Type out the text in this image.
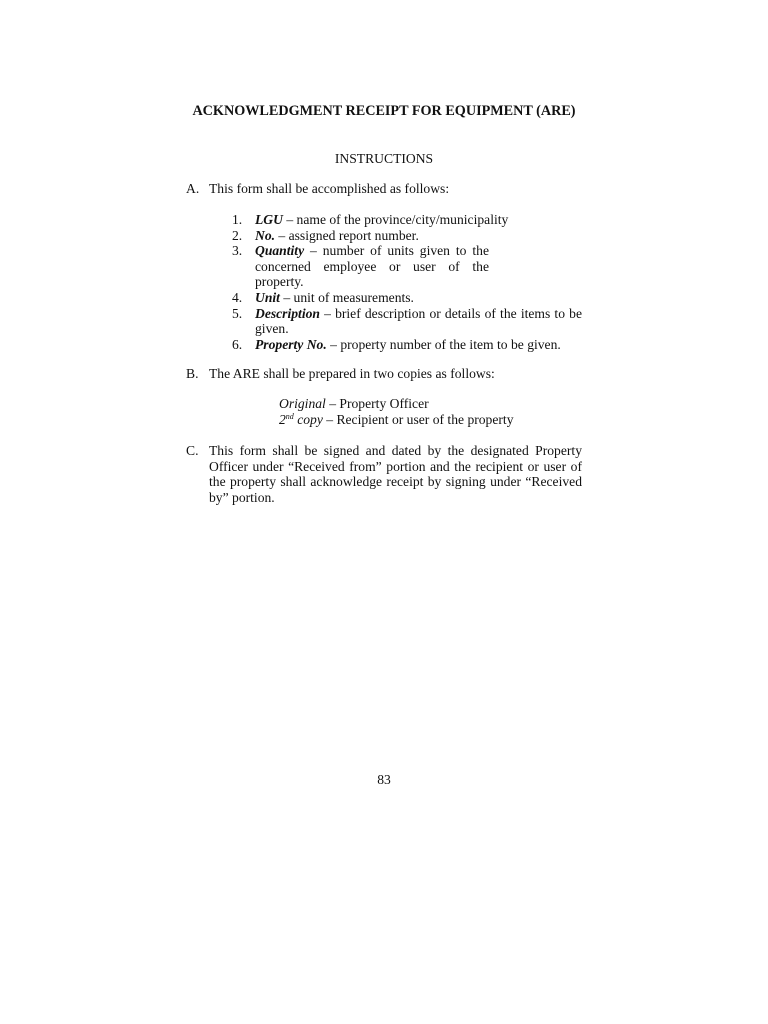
ACKNOWLEDGMENT RECEIPT FOR EQUIPMENT (ARE)
INSTRUCTIONS
A. This form shall be accomplished as follows:
1. LGU – name of the province/city/municipality
2. No. – assigned report number.
3. Quantity – number of units given to the concerned employee or user of the property.
4. Unit – unit of measurements.
5. Description – brief description or details of the items to be given.
6. Property No. – property number of the item to be given.
B. The ARE shall be prepared in two copies as follows:
Original – Property Officer
2nd copy – Recipient or user of the property
C. This form shall be signed and dated by the designated Property Officer under “Received from” portion and the recipient or user of the property shall acknowledge receipt by signing under “Received by” portion.
83
